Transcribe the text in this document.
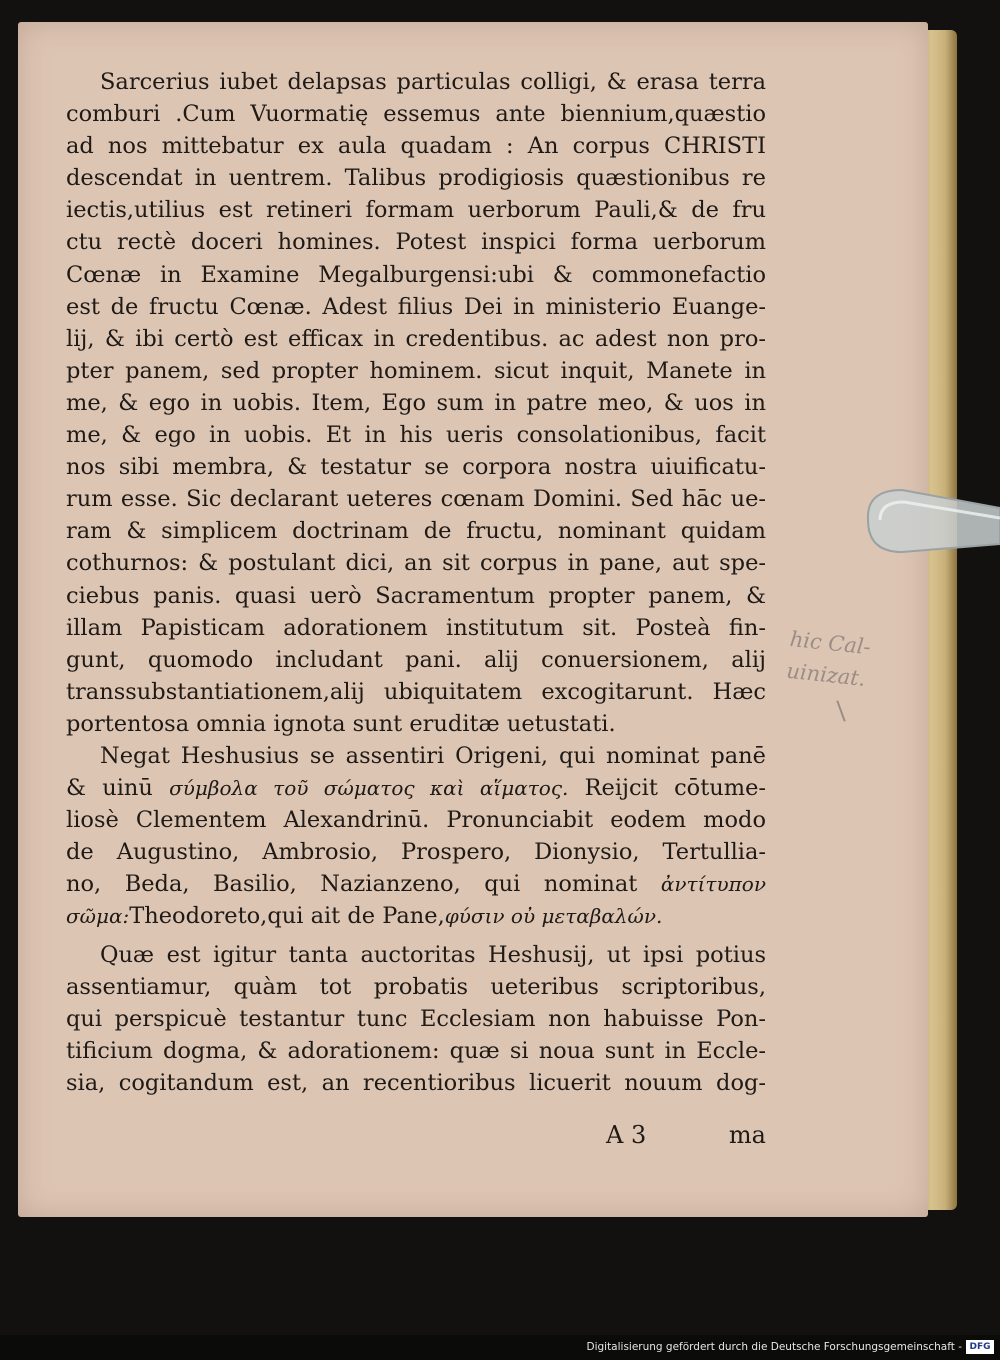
Sarcerius iubet delapsas particulas colligi, & erasa terra
comburi .Cum Vuormatię essemus ante biennium,quæstio
ad nos mittebatur ex aula quadam : An corpus CHRISTI
descendat in uentrem. Talibus prodigiosis quæstionibus re
iectis,utilius est retineri formam uerborum Pauli,& de fru
ctu rectè doceri homines. Potest inspici forma uerborum
Cœnæ in Examine Megalburgensi:ubi & commonefactio
est de fructu Cœnæ. Adest filius Dei in ministerio Euange-
lij, & ibi certò est efficax in credentibus. ac adest non pro-
pter panem, sed propter hominem. sicut inquit, Manete in
me, & ego in uobis. Item, Ego sum in patre meo, & uos in
me, & ego in uobis. Et in his ueris consolationibus, facit
nos sibi membra, & testatur se corpora nostra uiuificatu-
rum esse. Sic declarant ueteres cœnam Domini. Sed hāc ue-
ram & simplicem doctrinam de fructu, nominant quidam
cothurnos: & postulant dici, an sit corpus in pane, aut spe-
ciebus panis. quasi uerò Sacramentum propter panem, &
illam Papisticam adorationem institutum sit. Posteà fin-
gunt, quomodo includant pani. alij conuersionem, alij
transsubstantiationem,alij ubiquitatem excogitarunt. Hæc
portentosa omnia ignota sunt eruditæ uetustati.
Negat Heshusius se assentiri Origeni, qui nominat panē
& uinū σύμβολα τοῦ σώματος καὶ αἵματος. Reijcit cōtume-
liosè Clementem Alexandrinū. Pronunciabit eodem modo
de Augustino, Ambrosio, Prospero, Dionysio, Tertullia-
no, Beda, Basilio, Nazianzeno, qui nominat ἀντίτυπον
σῶμα:Theodoreto,qui ait de Pane,φύσιν οὐ μεταβαλών.
Quæ est igitur tanta auctoritas Heshusij, ut ipsi potius
assentiamur, quàm tot probatis ueteribus scriptoribus,
qui perspicuè testantur tunc Ecclesiam non habuisse Pon-
tificium dogma, & adorationem: quæ si noua sunt in Eccle-
sia, cogitandum est, an recentioribus licuerit nouum dog-
A 3	ma
hic Cal-
uinizat.
Digitalisierung gefördert durch die Deutsche Forschungsgemeinschaft - DFG
